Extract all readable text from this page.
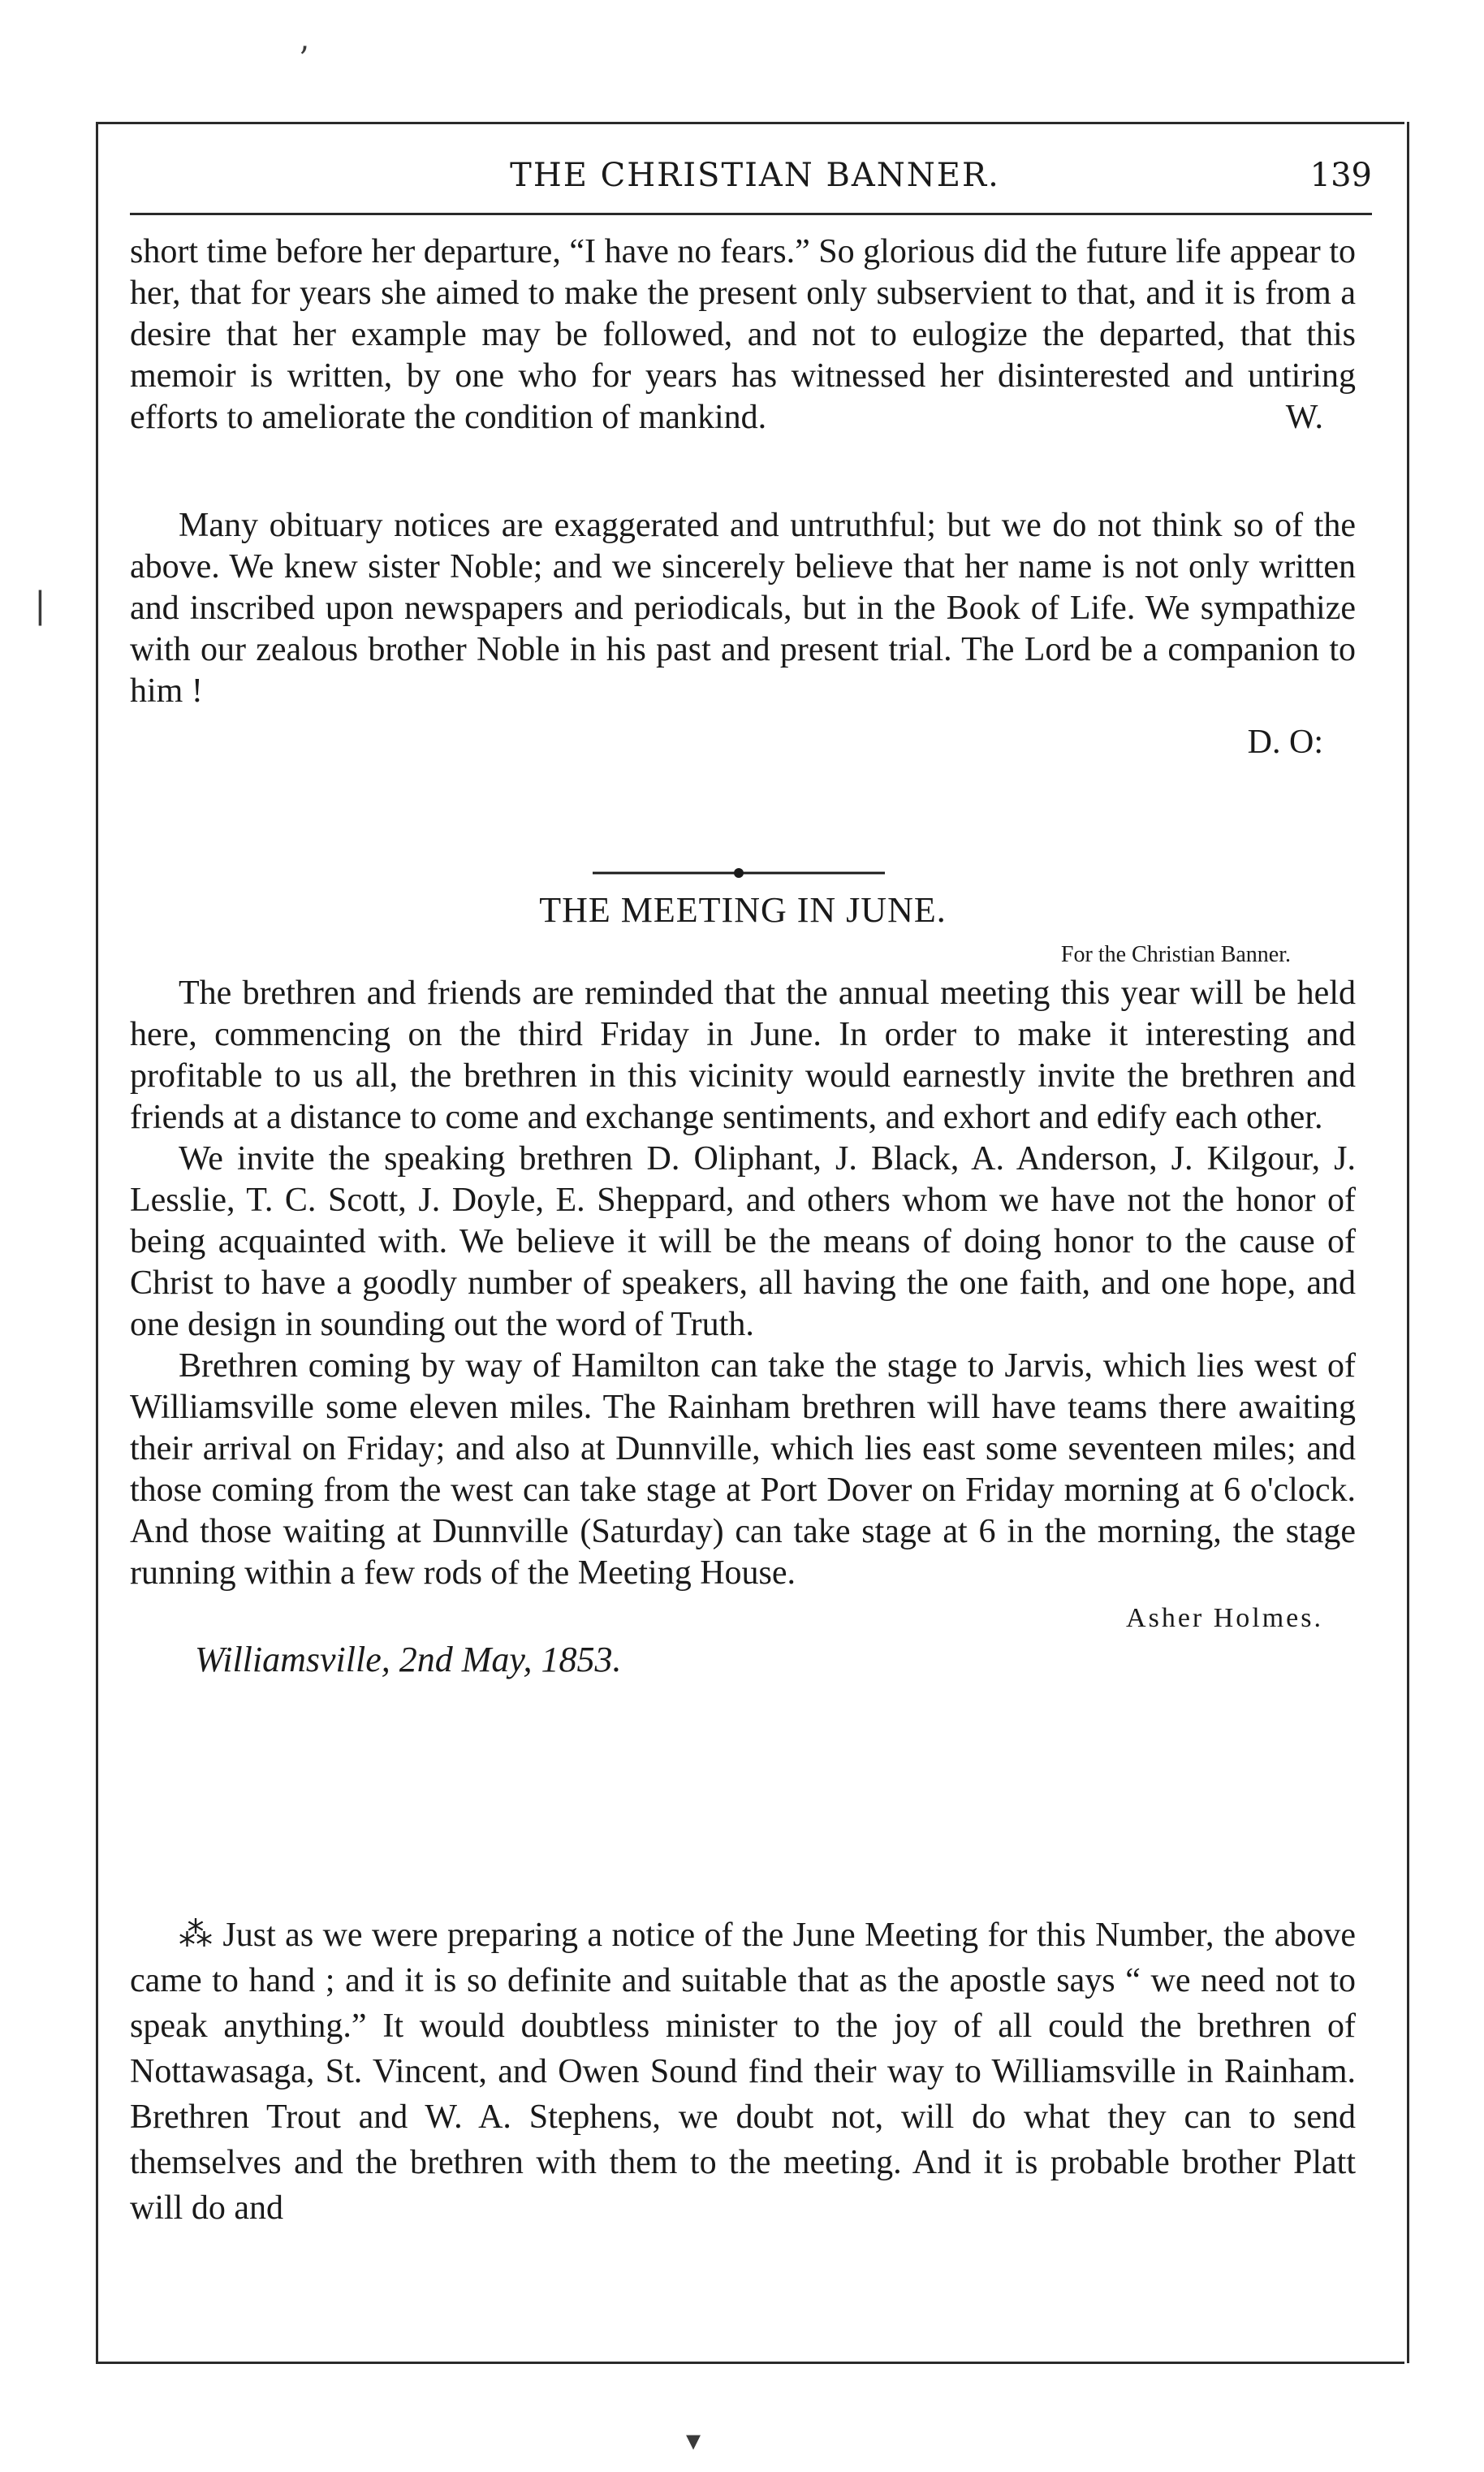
THE CHRISTIAN BANNER.	139

short time before her departure, “I have no fears.” So glorious did the future life appear to her, that for years she aimed to make the present only subservient to that, and it is from a desire that her example may be followed, and not to eulogize the departed, that this memoir is written, by one who for years has witnessed her disinterested and untiring efforts to ameliorate the condition of mankind.	W.

Many obituary notices are exaggerated and untruthful; but we do not think so of the above. We knew sister Noble; and we sincerely believe that her name is not only written and inscribed upon newspapers and periodicals, but in the Book of Life. We sympathize with our zealous brother Noble in his past and present trial. The Lord be a companion to him !

D. O:

THE MEETING IN JUNE.

For the Christian Banner.

The brethren and friends are reminded that the annual meeting this year will be held here, commencing on the third Friday in June. In order to make it interesting and profitable to us all, the brethren in this vicinity would earnestly invite the brethren and friends at a distance to come and exchange sentiments, and exhort and edify each other.

We invite the speaking brethren D. Oliphant, J. Black, A. Anderson, J. Kilgour, J. Lesslie, T. C. Scott, J. Doyle, E. Sheppard, and others whom we have not the honor of being acquainted with. We believe it will be the means of doing honor to the cause of Christ to have a goodly number of speakers, all having the one faith, and one hope, and one design in sounding out the word of Truth.

Brethren coming by way of Hamilton can take the stage to Jarvis, which lies west of Williamsville some eleven miles. The Rainham brethren will have teams there awaiting their arrival on Friday; and also at Dunnville, which lies east some seventeen miles; and those coming from the west can take stage at Port Dover on Friday morning at 6 o'clock. And those waiting at Dunnville (Saturday) can take stage at 6 in the morning, the stage running within a few rods of the Meeting House.

Asher Holmes.

Williamsville, 2nd May, 1853.

⁂ Just as we were preparing a notice of the June Meeting for this Number, the above came to hand ; and it is so definite and suitable that as the apostle says “ we need not to speak anything.” It would doubtless minister to the joy of all could the brethren of Nottawasaga, St. Vincent, and Owen Sound find their way to Williamsville in Rainham. Brethren Trout and W. A. Stephens, we doubt not, will do what they can to send themselves and the brethren with them to the meeting. And it is probable brother Platt will do and

’
|
▾
